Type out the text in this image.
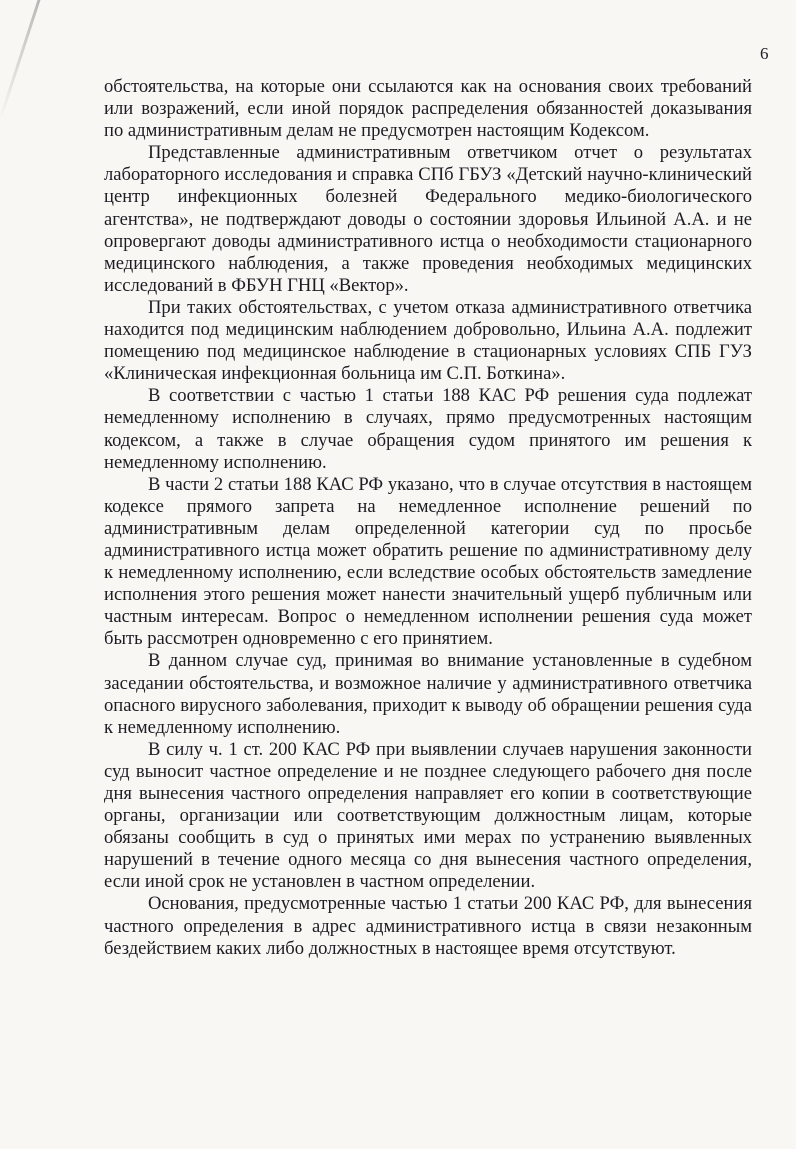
6

обстоятельства, на которые они ссылаются как на основания своих требований или возражений, если иной порядок распределения обязанностей доказывания по административным делам не предусмотрен настоящим Кодексом.

Представленные административным ответчиком отчет о результатах лабораторного исследования и справка СПб ГБУЗ «Детский научно-клинический центр инфекционных болезней Федерального медико-биологического агентства», не подтверждают доводы о состоянии здоровья Ильиной А.А. и не опровергают доводы административного истца о необходимости стационарного медицинского наблюдения, а также проведения необходимых медицинских исследований в ФБУН ГНЦ «Вектор».

При таких обстоятельствах, с учетом отказа административного ответчика находится под медицинским наблюдением добровольно, Ильина А.А. подлежит помещению под медицинское наблюдение в стационарных условиях СПБ ГУЗ «Клиническая инфекционная больница им С.П. Боткина».

В соответствии с частью 1 статьи 188 КАС РФ решения суда подлежат немедленному исполнению в случаях, прямо предусмотренных настоящим кодексом, а также в случае обращения судом принятого им решения к немедленному исполнению.

В части 2 статьи 188 КАС РФ указано, что в случае отсутствия в настоящем кодексе прямого запрета на немедленное исполнение решений по административным делам определенной категории суд по просьбе административного истца может обратить решение по административному делу к немедленному исполнению, если вследствие особых обстоятельств замедление исполнения этого решения может нанести значительный ущерб публичным или частным интересам. Вопрос о немедленном исполнении решения суда может быть рассмотрен одновременно с его принятием.

В данном случае суд, принимая во внимание установленные в судебном заседании обстоятельства, и возможное наличие у административного ответчика опасного вирусного заболевания, приходит к выводу об обращении решения суда к немедленному исполнению.

В силу ч. 1 ст. 200 КАС РФ при выявлении случаев нарушения законности суд выносит частное определение и не позднее следующего рабочего дня после дня вынесения частного определения направляет его копии в соответствующие органы, организации или соответствующим должностным лицам, которые обязаны сообщить в суд о принятых ими мерах по устранению выявленных нарушений в течение одного месяца со дня вынесения частного определения, если иной срок не установлен в частном определении.

Основания, предусмотренные частью 1 статьи 200 КАС РФ, для вынесения частного определения в адрес административного истца в связи незаконным бездействием каких либо должностных в настоящее время отсутствуют.
